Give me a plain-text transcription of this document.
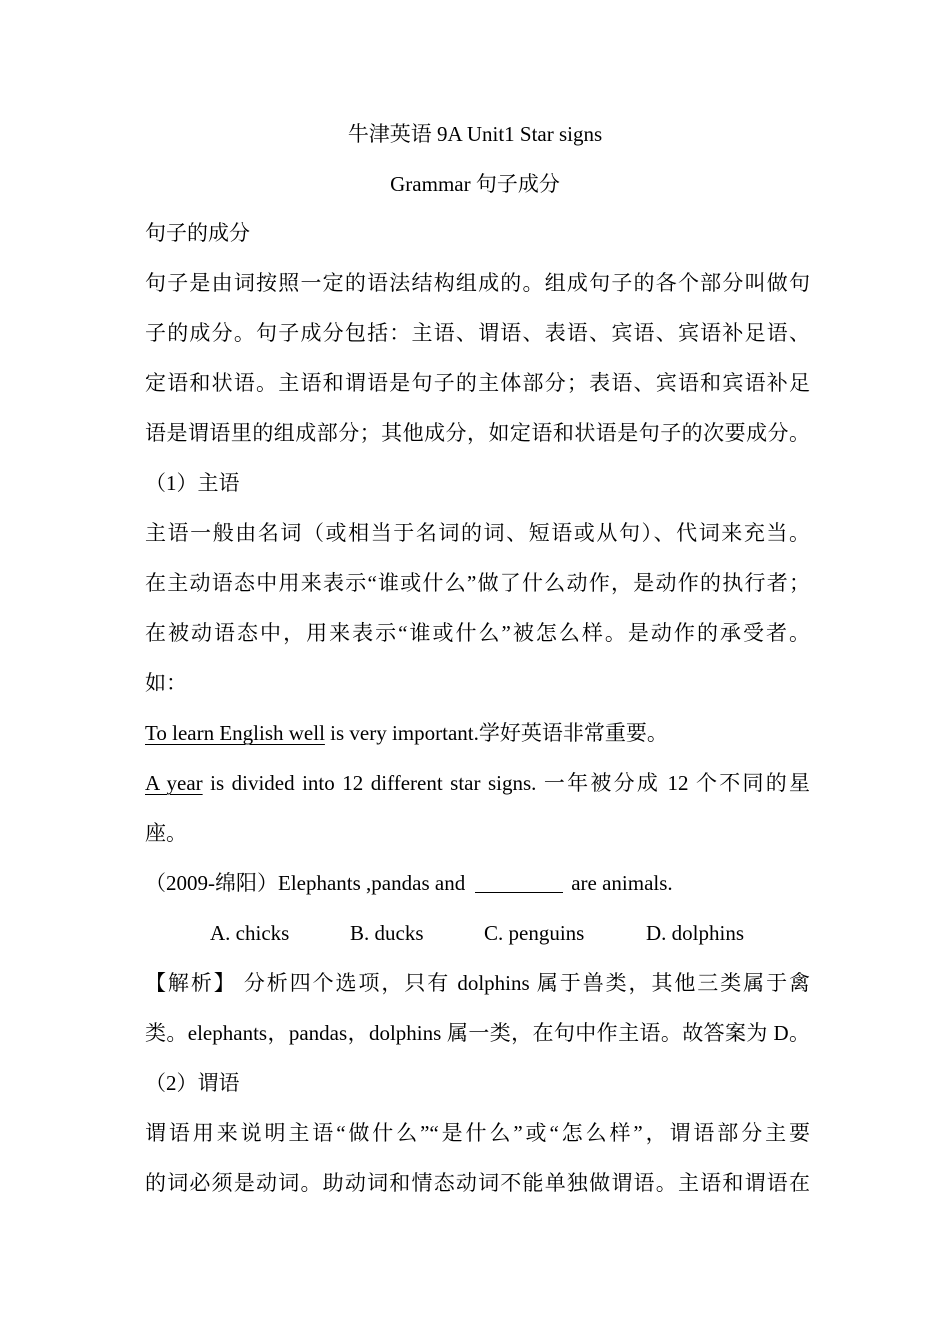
牛津英语 9A Unit1 Star signs
Grammar 句子成分
句子的成分
句子是由词按照一定的语法结构组成的。组成句子的各个部分叫做句
子的成分。句子成分包括：主语、谓语、表语、宾语、宾语补足语、
定语和状语。主语和谓语是句子的主体部分；表语、宾语和宾语补足
语是谓语里的组成部分；其他成分，如定语和状语是句子的次要成分。
（1）主语
主语一般由名词（或相当于名词的词、短语或从句）、代词来充当。
在主动语态中用来表示“谁或什么”做了什么动作，是动作的执行者；
在被动语态中，用来表示“谁或什么”被怎么样。是动作的承受者。
如：
To learn English well is very important.学好英语非常重要。
A year is divided into 12 different star signs. 一年被分成 12 个不同的星
座。
（2009-绵阳）Elephants ,pandas and	are animals.
A. chicks	B. ducks	C. penguins	D. dolphins
【解析】 分析四个选项，只有 dolphins 属于兽类，其他三类属于禽
类。elephants，pandas，dolphins 属一类，在句中作主语。故答案为 D。
（2）谓语
谓语用来说明主语“做什么”“是什么”或“怎么样”，谓语部分主要
的词必须是动词。助动词和情态动词不能单独做谓语。主语和谓语在
